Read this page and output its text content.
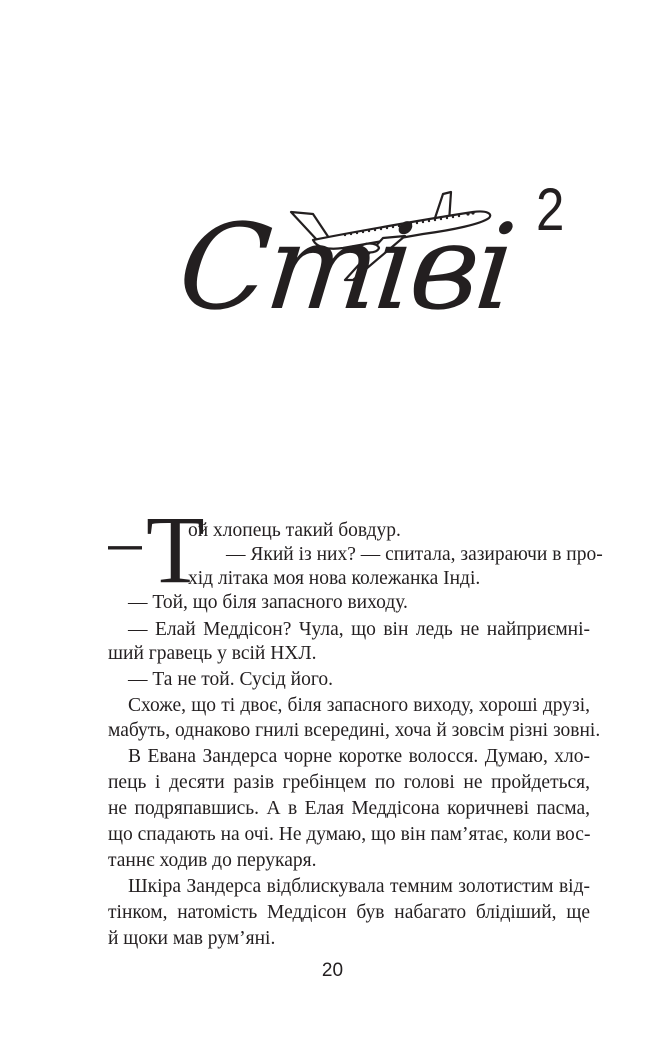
2
Стіві
— Т
ой хлопець такий бовдур.
— Який із них? — спитала, зазираючи в про-
хід літака моя нова колежанка Інді.
— Той, що біля запасного виходу.
— Елай Меддісон? Чула, що він ледь не найприємні-
ший гравець у всій НХЛ.
— Та не той. Сусід його.
Схоже, що ті двоє, біля запасного виходу, хороші друзі,
мабуть, однаково гнилі всередині, хоча й зовсім різні зовні.
В Евана Зандерса чорне коротке волосся. Думаю, хло-
пець і десяти разів гребінцем по голові не пройдеться,
не подряпавшись. А в Елая Меддісона коричневі пасма,
що спадають на очі. Не думаю, що він пам’ятає, коли вос-
таннє ходив до перукаря.
Шкіра Зандерса відблискувала темним золотистим від-
тінком, натомість Меддісон був набагато блідіший, ще
й щоки мав рум’яні.
20
